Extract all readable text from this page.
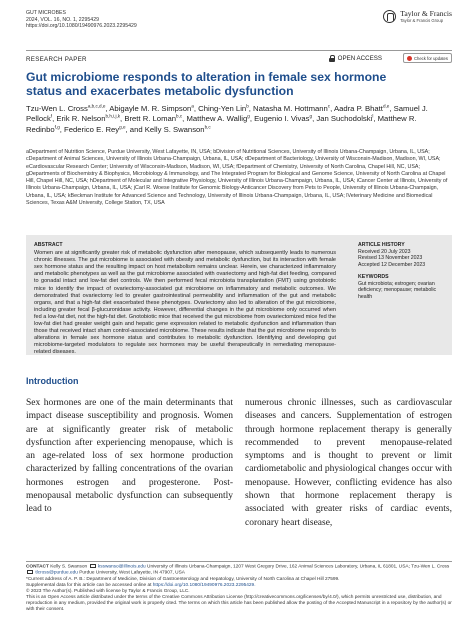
GUT MICROBES
2024, VOL. 16, NO. 1, 2295429
https://doi.org/10.1080/19490976.2023.2295429
Taylor & Francis
Taylor & Francis Group
RESEARCH PAPER	OPEN ACCESS	Check for updates
Gut microbiome responds to alteration in female sex hormone status and exacerbates metabolic dysfunction
Tzu-Wen L. Cross$^{a,b,c,d,e}$, Abigayle M. R. Simpson$^a$, Ching-Yen Lin$^b$, Natasha M. Hottmann$^c$, Aadra P. Bhatt$^{d,e}$, Samuel J. Pellock$^f$, Erik R. Nelson$^{b,h,i,j,k}$, Brett R. Loman$^{b,c}$, Matthew A. Wallig$^g$, Eugenio I. Vivas$^g$, Jan Suchodolski$^l$, Matthew R. Redinbo$^{f,g}$, Federico E. Rey$^{g,e}$, and Kelly S. Swanson$^{b,c}$
aDepartment of Nutrition Science, Purdue University, West Lafayette, IN, USA; bDivision of Nutritional Sciences, University of Illinois Urbana-Champaign, Urbana, IL, USA; cDepartment of Animal Sciences, University of Illinois Urbana-Champaign, Urbana, IL, USA; dDepartment of Bacteriology, University of Wisconsin-Madison, Madison, WI, USA; eCardiovascular Research Center; University of Wisconsin-Madison, Madison, WI, USA; fDepartment of Chemistry, University of North Carolina, Chapel Hill, NC, USA; gDepartments of Biochemistry & Biophysics, Microbiology & Immunology, and The Integrated Program for Biological and Genome Science, University of North Carolina at Chapel Hill, Chapel Hill, NC, USA; hDepartment of Molecular and Integrative Physiology, University of Illinois Urbana-Champaign, Urbana, IL, USA; iCancer Center at Illinois, University of Illinois Urbana-Champaign, Urbana, IL, USA; jCarl R. Woese Institute for Genomic Biology-Anticancer Discovery from Pets to People, University of Illinois Urbana-Champaign, Urbana, IL, USA; kBeckman Institute for Advanced Science and Technology, University of Illinois Urbana-Champaign, Urbana, IL, USA; lVeterinary Medicine and Biomedical Sciences, Texas A&M University, College Station, TX, USA
ABSTRACT
Women are at significantly greater risk of metabolic dysfunction after menopause, which subsequently leads to numerous chronic illnesses. The gut microbiome is associated with obesity and metabolic dysfunction, but its interaction with female sex hormone status and the resulting impact on host metabolism remains unclear. Herein, we characterized inflammatory and metabolic phenotypes as well as the gut microbiome associated with ovariectomy and high-fat diet feeding, compared to gonadal intact and low-fat diet controls. We then performed fecal microbiota transplantation (FMT) using gnotobiotic mice to identify the impact of ovariectomy-associated gut microbiome on inflammatory and metabolic outcomes. We demonstrated that ovariectomy led to greater gastrointestinal permeability and inflammation of the gut and metabolic organs, and that a high-fat diet exacerbated these phenotypes. Ovariectomy also led to alteration of the gut microbiome, including greater fecal β-glucuronidase activity. However, differential changes in the gut microbiome only occurred when fed a low-fat diet, not the high-fat diet. Gnotobiotic mice that received the gut microbiome from ovariectomized mice fed the low-fat diet had greater weight gain and hepatic gene expression related to metabolic dysfunction and inflammation than those that received intact sham control-associated microbiome. These results indicate that the gut microbiome responds to alterations in female sex hormone status and contributes to metabolic dysfunction. Identifying and developing gut microbiome-targeted modulators to regulate sex hormones may be useful therapeutically in remediating menopause-related diseases.
ARTICLE HISTORY
Received 20 July 2023
Revised 13 November 2023
Accepted 12 December 2023
KEYWORDS
Gut microbiota; estrogen; ovarian deficiency; menopause; metabolic health
Introduction
Sex hormones are one of the main determinants that impact disease susceptibility and prognosis. Women are at significantly greater risk of metabolic dysfunction after experiencing menopause, which is an age-related loss of sex hormone production characterized by falling concentrations of the ovarian hormones estrogen and progesterone. Post-menopausal metabolic dysfunction can subsequently lead to
numerous chronic illnesses, such as cardiovascular diseases and cancers. Supplementation of estrogen through hormone replacement therapy is generally recommended to prevent menopause-related symptoms and is thought to prevent or limit cardiometabolic and physiological changes occur with menopause. However, conflicting evidence has also shown that hormone replacement therapy is associated with greater risks of cardiac events, coronary heart disease,
CONTACT Kelly S. Swanson ksswanso@illinois.edu University of Illinois Urbana-Champaign, 1207 West Gregory Drive, 162 Animal Sciences Laboratory, Urbana, IL 61801, USA; Tzu-Wen L. Cross  tlcross@purdue.edu Purdue University, West Lafayette, IN 47907, USA
*Current address of A. P. B.: Department of Medicine, Division of Gastroenterology and Hepatology, University of North Carolina at Chapel Hill 27599.
Supplemental data for this article can be accessed online at https://doi.org/10.1080/19490976.2023.2295429.
© 2023 The Author(s). Published with license by Taylor & Francis Group, LLC.
This is an Open Access article distributed under the terms of the Creative Commons Attribution License (http://creativecommons.org/licenses/by/4.0/), which permits unrestricted use, distribution, and reproduction in any medium, provided the original work is properly cited. The terms on which this article has been published allow the posting of the Accepted Manuscript in a repository by the author(s) or with their consent.
